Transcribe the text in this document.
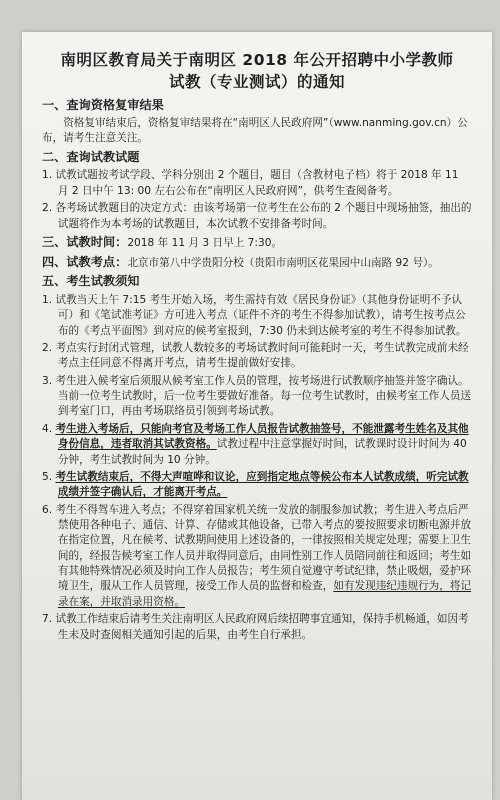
南明区教育局关于南明区 2018 年公开招聘中小学教师
试教（专业测试）的通知
一、查询资格复审结果

资格复审结束后，资格复审结果将在“南明区人民政府网”（www.nanming.gov.cn）公布，请考生注意关注。

二、查询试教试题

1. 试教试题按考试学段、学科分别出 2 个题目，题目（含教材电子档）将于 2018 年 11 月 2 日中午 13: 00 左右公布在“南明区人民政府网”，供考生查阅备考。

2. 各考场试教题目的决定方式：由该考场第一位考生在公布的 2 个题目中现场抽签，抽出的试题将作为本考场的试教题目，本次试教不安排备考时间。

三、试教时间：2018 年 11 月 3 日早上 7:30。

四、试教考点：北京市第八中学贵阳分校（贵阳市南明区花果园中山南路 92 号）。

五、考生试教须知

1. 试教当天上午 7:15 考生开始入场，考生需持有效《居民身份证》（其他身份证明不予认可）和《笔试准考证》方可进入考点（证件不齐的考生不得参加试教），请考生按考点公布的《考点平面图》到对应的候考室报到，7:30 仍未到达候考室的考生不得参加试教。

2. 考点实行封闭式管理，试教人数较多的考场试教时间可能耗时一天，考生试教完成前未经考点主任同意不得离开考点，请考生提前做好安排。

3. 考生进入候考室后须服从候考室工作人员的管理，按考场进行试教顺序抽签并签字确认。当前一位考生试教时，后一位考生要做好准备。每一位考生试教时，由候考室工作人员送到考室门口，再由考场联络员引领到考场试教。

4. 考生进入考场后，只能向考官及考场工作人员报告试教抽签号，不能泄露考生姓名及其他身份信息，违者取消其试教资格。试教过程中注意掌握好时间，试教课时设计时间为 40 分钟，考生试教时间为 10 分钟。

5. 考生试教结束后，不得大声喧哗和议论，应到指定地点等候公布本人试教成绩，听完试教成绩并签字确认后，才能离开考点。

6. 考生不得驾车进入考点；不得穿着国家机关统一发放的制服参加试教；考生进入考点后严禁使用各种电子、通信、计算、存储或其他设备，已带入考点的要按照要求切断电源并放在指定位置，凡在候考、试教期间使用上述设备的，一律按照相关规定处理；需要上卫生间的，经报告候考室工作人员并取得同意后，由同性别工作人员陪同前往和返回；考生如有其他特殊情况必须及时向工作人员报告；考生须自觉遵守考试纪律，禁止吸烟，爱护环境卫生，服从工作人员管理，接受工作人员的监督和检查，如有发现违纪违规行为，将记录在案，并取消录用资格。

7. 试教工作结束后请考生关注南明区人民政府网后续招聘事宜通知，保持手机畅通，如因考生未及时查阅相关通知引起的后果，由考生自行承担。
